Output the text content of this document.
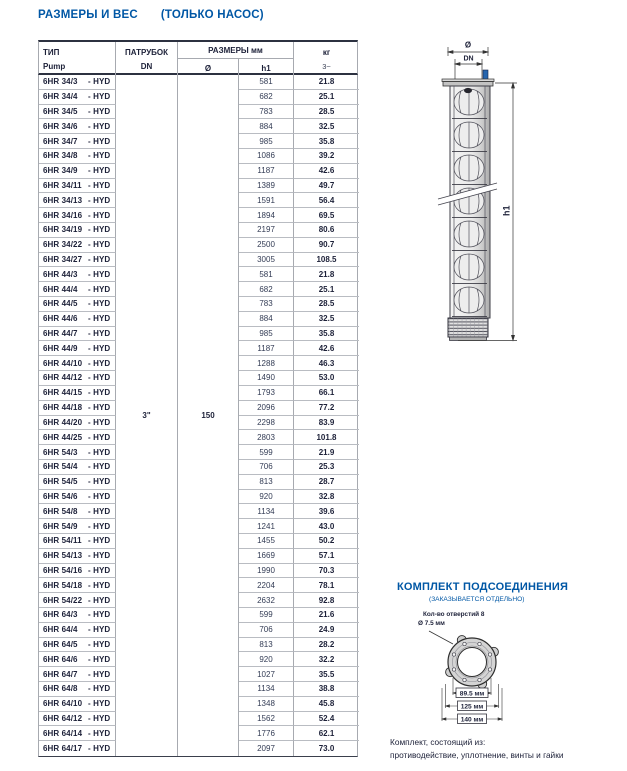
РАЗМЕРЫ И ВЕС (ТОЛЬКО НАСОС)
ТИП
Pump
ПАТРУБОК
DN
РАЗМЕРЫ мм
Ø	h1
кг
3~
3"	150
6HR 34/3	- HYD	581	21.8
6HR 34/4	- HYD	682	25.1
6HR 34/5	- HYD	783	28.5
6HR 34/6	- HYD	884	32.5
6HR 34/7	- HYD	985	35.8
6HR 34/8	- HYD	1086	39.2
6HR 34/9	- HYD	1187	42.6
6HR 34/11 - HYD	1389	49.7
6HR 34/13 - HYD	1591	56.4
6HR 34/16 - HYD	1894	69.5
6HR 34/19 - HYD	2197	80.6
6HR 34/22 - HYD	2500	90.7
6HR 34/27 - HYD	3005	108.5
6HR 44/3	- HYD	581	21.8
6HR 44/4	- HYD	682	25.1
6HR 44/5	- HYD	783	28.5
6HR 44/6	- HYD	884	32.5
6HR 44/7	- HYD	985	35.8
6HR 44/9	- HYD	1187	42.6
6HR 44/10 - HYD	1288	46.3
6HR 44/12 - HYD	1490	53.0
6HR 44/15 - HYD	1793	66.1
6HR 44/18 - HYD	2096	77.2
6HR 44/20 - HYD	2298	83.9
6HR 44/25 - HYD	2803	101.8
6HR 54/3	- HYD	599	21.9
6HR 54/4	- HYD	706	25.3
6HR 54/5	- HYD	813	28.7
6HR 54/6	- HYD	920	32.8
6HR 54/8	- HYD	1134	39.6
6HR 54/9	- HYD	1241	43.0
6HR 54/11 - HYD	1455	50.2
6HR 54/13 - HYD	1669	57.1
6HR 54/16 - HYD	1990	70.3
6HR 54/18 - HYD	2204	78.1
6HR 54/22 - HYD	2632	92.8
6HR 64/3	- HYD	599	21.6
6HR 64/4	- HYD	706	24.9
6HR 64/5	- HYD	813	28.2
6HR 64/6	- HYD	920	32.2
6HR 64/7	- HYD	1027	35.5
6HR 64/8	- HYD	1134	38.8
6HR 64/10 - HYD	1348	45.8
6HR 64/12 - HYD	1562	52.4
6HR 64/14 - HYD	1776	62.1
6HR 64/17 - HYD	2097	73.0
Ø
DN
h1
КОМПЛЕКТ ПОДСОЕДИНЕНИЯ
(ЗАКАЗЫВАЕТСЯ ОТДЕЛЬНО)
Кол-во отверстий 8
Ø 7.5 мм
89.5 мм
125 мм
140 мм
Комплект, состоящий из:
противодействие, уплотнение, винты и гайки
